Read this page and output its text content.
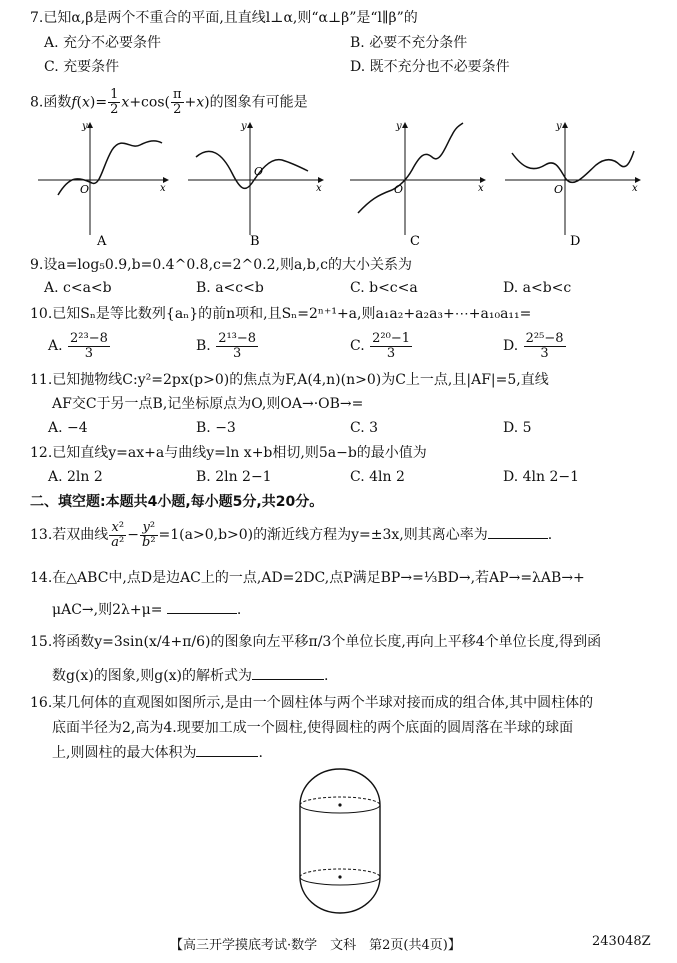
7.已知α,β是两个不重合的平面,且直线l⊥α,则“α⊥β”是“l∥β”的
A. 充分不必要条件	B. 必要不充分条件
C. 充要条件	D. 既不充分也不必要条件
8.函数$f(x)= \frac{1}{2} x+\cos( \frac{\pi}{2} +x)$的图象有可能是
O	x
y
A
O
x
y
B
O	x
y
C
O	x
y
D
9.设a=log₅0.9,b=0.4^0.8,c=2^0.2,则a,b,c的大小关系为
A. c<a<b	B. a<c<b	C. b<c<a	D. a<b<c
10.已知Sₙ是等比数列{aₙ}的前n项和,且Sₙ=2ⁿ⁺¹+a,则a₁a₂+a₂a₃+⋯+a₁₀a₁₁=
A. $\frac{\text{2²³−8}}{3}$	B. $\frac{\text{2¹³−8}}{3}$	C. $\frac{\text{2²⁰−1}}{3}$	D. $\frac{\text{2²⁵−8}}{3}$
11.已知抛物线C:y²=2px(p>0)的焦点为F,A(4,n)(n>0)为C上一点,且|AF|=5,直线
AF交C于另一点B,记坐标原点为O,则OA→·OB→=
A. −4	B. −3	C. 3	D. 5
12.已知直线y=ax+a与曲线y=ln x+b相切,则5a−b的最小值为
A. 2ln 2	B. 2ln 2−1	C. 4ln 2	D. 4ln 2−1
二、填空题:本题共4小题,每小题5分,共20分。
13.若双曲线 $\frac{\text{x²}}{\text{a²}} - \frac{\text{y²}}{\text{b²}} =1(a>0,b>0)$的渐近线方程为y=±3x,则其离心率为	.
14.在△ABC中,点D是边AC上的一点,AD=2DC,点P满足BP→=⅓BD→,若AP→=λAB→+
μAC→,则2λ+μ=	.
15.将函数y=3sin(x/4+π/6)的图象向左平移π/3个单位长度,再向上平移4个单位长度,得到函
数g(x)的图象,则g(x)的解析式为	.
16.某几何体的直观图如图所示,是由一个圆柱体与两个半球对接而成的组合体,其中圆柱体的
底面半径为2,高为4.现要加工成一个圆柱,使得圆柱的两个底面的圆周落在半球的球面
上,则圆柱的最大体积为	.
【高三开学摸底考试·数学　文科　第2页(共4页)】	243048Z
